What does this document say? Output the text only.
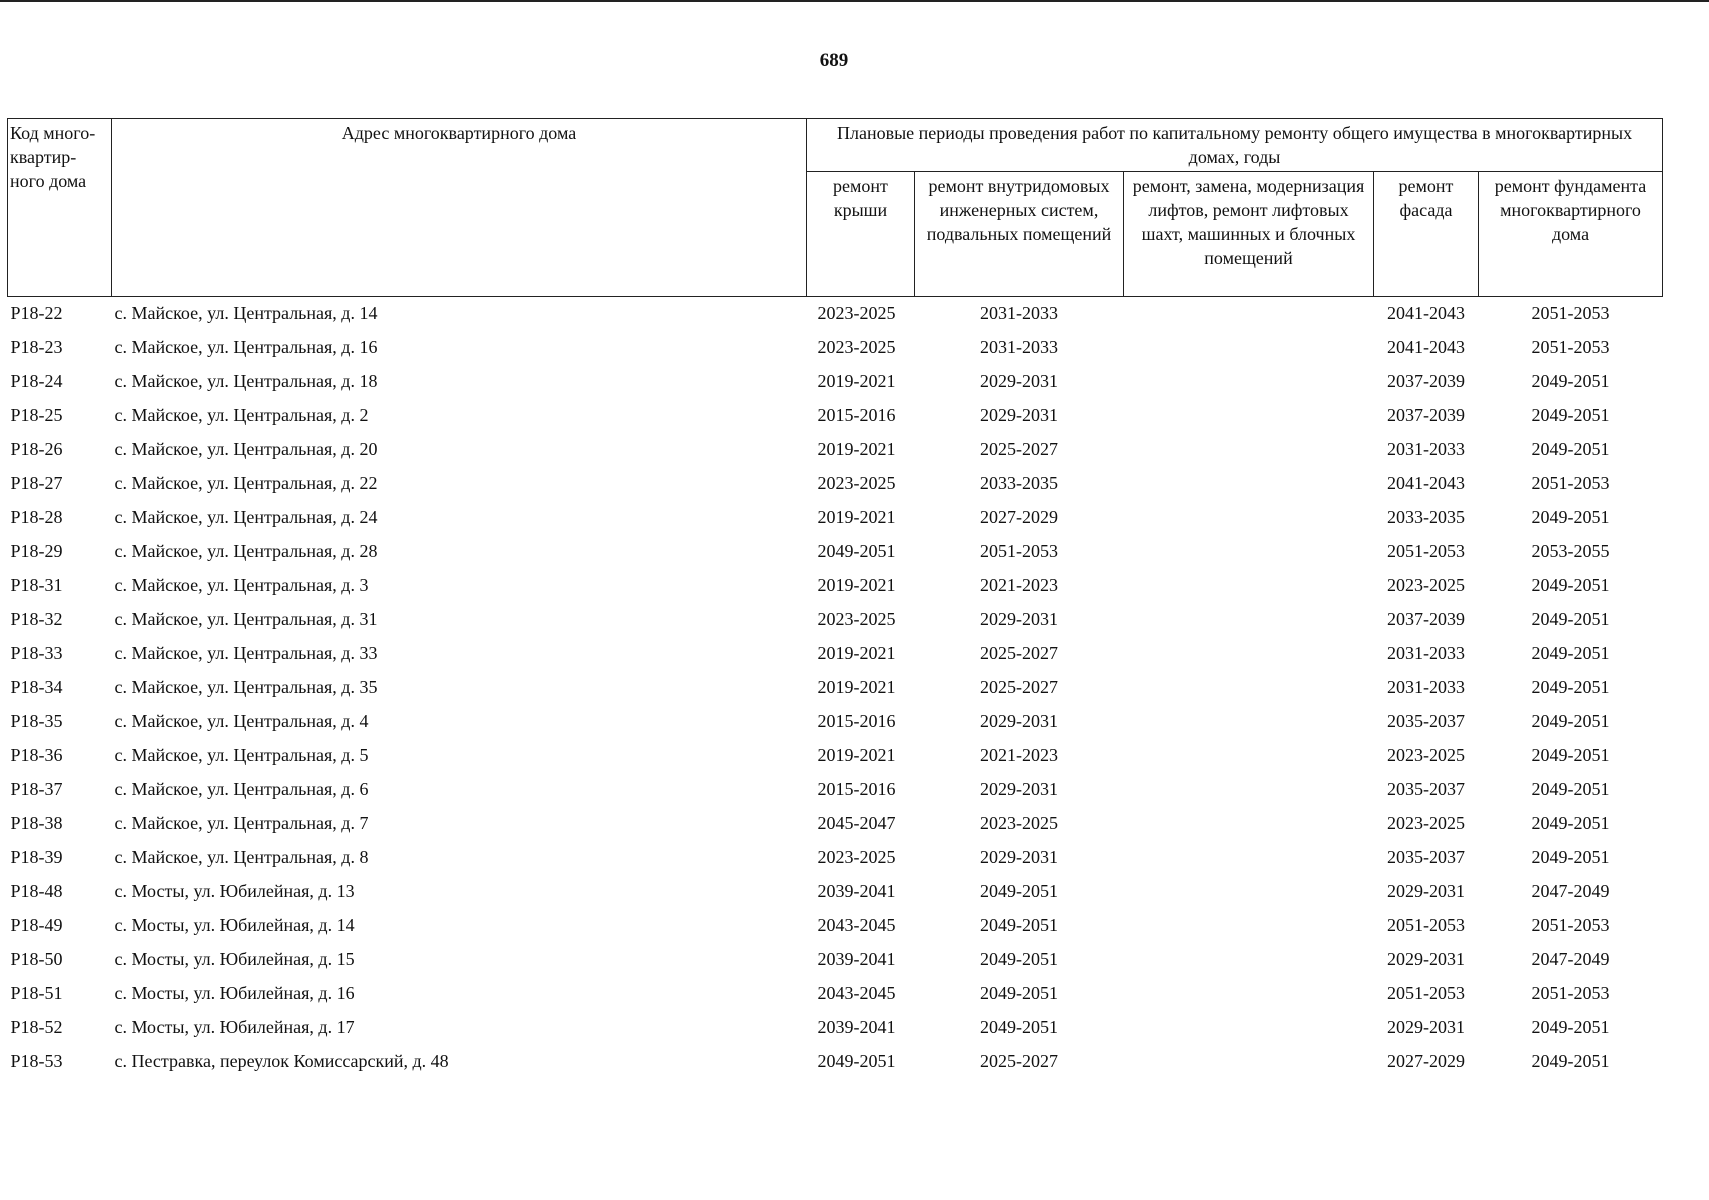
689
Код много-квартир-ного дома	Адрес многоквартирного дома	Плановые периоды проведения работ по капитальному ремонту общего имущества в многоквартирных домах, годы				
		ремонт крыши	ремонт внутридомовых инженерных систем, подвальных помещений	ремонт, замена, модернизация лифтов, ремонт лифтовых шахт, машинных и блочных помещений	ремонт фасада	ремонт фундамента многоквартирного дома
Р18-22	с. Майское, ул. Центральная, д. 14	2023-2025	2031-2033		2041-2043	2051-2053
Р18-23	с. Майское, ул. Центральная, д. 16	2023-2025	2031-2033		2041-2043	2051-2053
Р18-24	с. Майское, ул. Центральная, д. 18	2019-2021	2029-2031		2037-2039	2049-2051
Р18-25	с. Майское, ул. Центральная, д. 2	2015-2016	2029-2031		2037-2039	2049-2051
Р18-26	с. Майское, ул. Центральная, д. 20	2019-2021	2025-2027		2031-2033	2049-2051
Р18-27	с. Майское, ул. Центральная, д. 22	2023-2025	2033-2035		2041-2043	2051-2053
Р18-28	с. Майское, ул. Центральная, д. 24	2019-2021	2027-2029		2033-2035	2049-2051
Р18-29	с. Майское, ул. Центральная, д. 28	2049-2051	2051-2053		2051-2053	2053-2055
Р18-31	с. Майское, ул. Центральная, д. 3	2019-2021	2021-2023		2023-2025	2049-2051
Р18-32	с. Майское, ул. Центральная, д. 31	2023-2025	2029-2031		2037-2039	2049-2051
Р18-33	с. Майское, ул. Центральная, д. 33	2019-2021	2025-2027		2031-2033	2049-2051
Р18-34	с. Майское, ул. Центральная, д. 35	2019-2021	2025-2027		2031-2033	2049-2051
Р18-35	с. Майское, ул. Центральная, д. 4	2015-2016	2029-2031		2035-2037	2049-2051
Р18-36	с. Майское, ул. Центральная, д. 5	2019-2021	2021-2023		2023-2025	2049-2051
Р18-37	с. Майское, ул. Центральная, д. 6	2015-2016	2029-2031		2035-2037	2049-2051
Р18-38	с. Майское, ул. Центральная, д. 7	2045-2047	2023-2025		2023-2025	2049-2051
Р18-39	с. Майское, ул. Центральная, д. 8	2023-2025	2029-2031		2035-2037	2049-2051
Р18-48	с. Мосты, ул. Юбилейная, д. 13	2039-2041	2049-2051		2029-2031	2047-2049
Р18-49	с. Мосты, ул. Юбилейная, д. 14	2043-2045	2049-2051		2051-2053	2051-2053
Р18-50	с. Мосты, ул. Юбилейная, д. 15	2039-2041	2049-2051		2029-2031	2047-2049
Р18-51	с. Мосты, ул. Юбилейная, д. 16	2043-2045	2049-2051		2051-2053	2051-2053
Р18-52	с. Мосты, ул. Юбилейная, д. 17	2039-2041	2049-2051		2029-2031	2049-2051
Р18-53	с. Пестравка, переулок Комиссарский, д. 48	2049-2051	2025-2027		2027-2029	2049-2051
